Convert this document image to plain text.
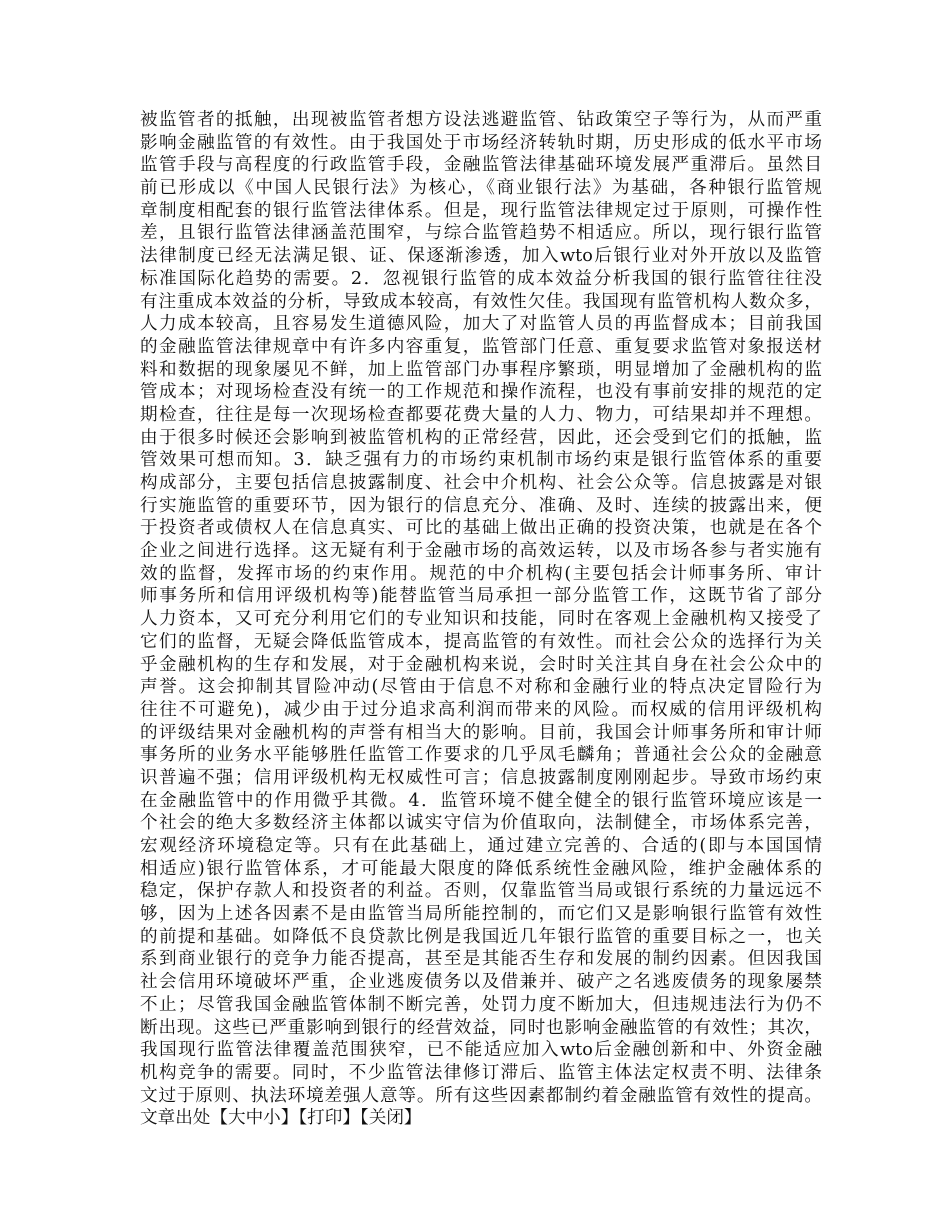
被监管者的抵触，出现被监管者想方设法逃避监管、钻政策空子等行为，从而严重
影响金融监管的有效性。由于我国处于市场经济转轨时期，历史形成的低水平市场
监管手段与高程度的行政监管手段，金融监管法律基础环境发展严重滞后。虽然目
前已形成以《中国人民银行法》为核心，《商业银行法》为基础，各种银行监管规
章制度相配套的银行监管法律体系。但是，现行监管法律规定过于原则，可操作性
差，且银行监管法律涵盖范围窄，与综合监管趋势不相适应。所以，现行银行监管
法律制度已经无法满足银、证、保逐渐渗透，加入wto后银行业对外开放以及监管
标准国际化趋势的需要。2．忽视银行监管的成本效益分析我国的银行监管往往没
有注重成本效益的分析，导致成本较高，有效性欠佳。我国现有监管机构人数众多，
人力成本较高，且容易发生道德风险，加大了对监管人员的再监督成本；目前我国
的金融监管法律规章中有许多内容重复，监管部门任意、重复要求监管对象报送材
料和数据的现象屡见不鲜，加上监管部门办事程序繁琐，明显增加了金融机构的监
管成本；对现场检查没有统一的工作规范和操作流程，也没有事前安排的规范的定
期检查，往往是每一次现场检查都要花费大量的人力、物力，可结果却并不理想。
由于很多时候还会影响到被监管机构的正常经营，因此，还会受到它们的抵触，监
管效果可想而知。3．缺乏强有力的市场约束机制市场约束是银行监管体系的重要
构成部分，主要包括信息披露制度、社会中介机构、社会公众等。信息披露是对银
行实施监管的重要环节，因为银行的信息充分、准确、及时、连续的披露出来，便
于投资者或债权人在信息真实、可比的基础上做出正确的投资决策，也就是在各个
企业之间进行选择。这无疑有利于金融市场的高效运转，以及市场各参与者实施有
效的监督，发挥市场的约束作用。规范的中介机构(主要包括会计师事务所、审计
师事务所和信用评级机构等)能替监管当局承担一部分监管工作，这既节省了部分
人力资本，又可充分利用它们的专业知识和技能，同时在客观上金融机构又接受了
它们的监督，无疑会降低监管成本，提高监管的有效性。而社会公众的选择行为关
乎金融机构的生存和发展，对于金融机构来说，会时时关注其自身在社会公众中的
声誉。这会抑制其冒险冲动(尽管由于信息不对称和金融行业的特点决定冒险行为
往往不可避免)，减少由于过分追求高利润而带来的风险。而权威的信用评级机构
的评级结果对金融机构的声誉有相当大的影响。目前，我国会计师事务所和审计师
事务所的业务水平能够胜任监管工作要求的几乎凤毛麟角；普通社会公众的金融意
识普遍不强；信用评级机构无权威性可言；信息披露制度刚刚起步。导致市场约束
在金融监管中的作用微乎其微。4．监管环境不健全健全的银行监管环境应该是一
个社会的绝大多数经济主体都以诚实守信为价值取向，法制健全，市场体系完善，
宏观经济环境稳定等。只有在此基础上，通过建立完善的、合适的(即与本国国情
相适应)银行监管体系，才可能最大限度的降低系统性金融风险，维护金融体系的
稳定，保护存款人和投资者的利益。否则，仅靠监管当局或银行系统的力量远远不
够，因为上述各因素不是由监管当局所能控制的，而它们又是影响银行监管有效性
的前提和基础。如降低不良贷款比例是我国近几年银行监管的重要目标之一，也关
系到商业银行的竞争力能否提高，甚至是其能否生存和发展的制约因素。但因我国
社会信用环境破坏严重，企业逃废债务以及借兼并、破产之名逃废债务的现象屡禁
不止；尽管我国金融监管体制不断完善，处罚力度不断加大，但违规违法行为仍不
断出现。这些已严重影响到银行的经营效益，同时也影响金融监管的有效性；其次，
我国现行监管法律覆盖范围狭窄，已不能适应加入wto后金融创新和中、外资金融
机构竞争的需要。同时，不少监管法律修订滞后、监管主体法定权责不明、法律条
文过于原则、执法环境差强人意等。所有这些因素都制约着金融监管有效性的提高。
文章出处【大中小】【打印】【关闭】
